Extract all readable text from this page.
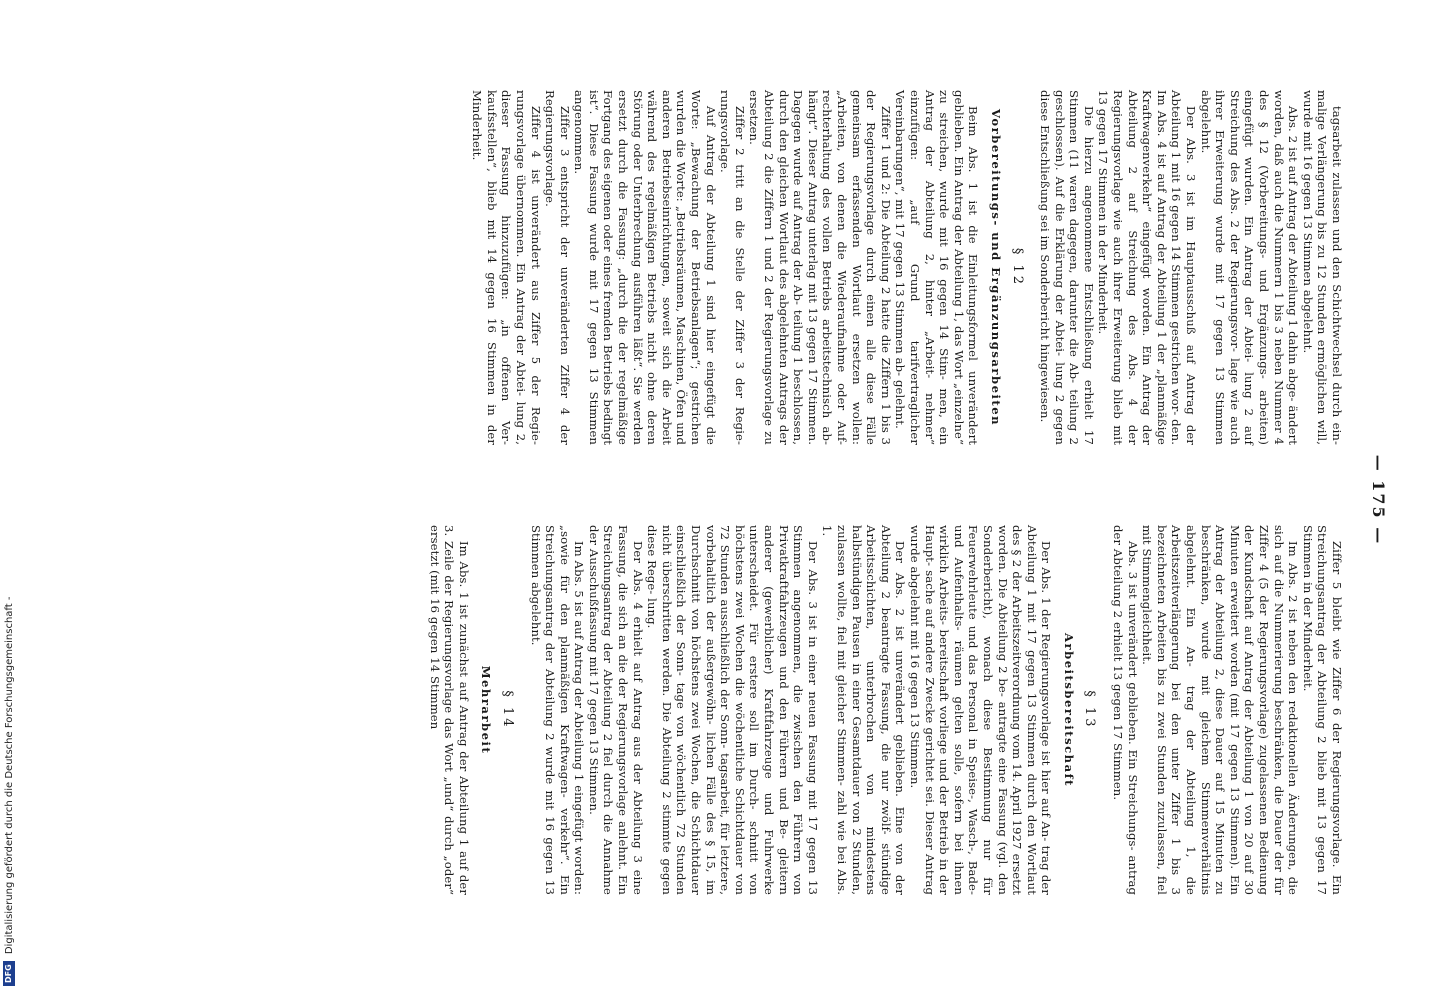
— 175 —

tagsarbeit zulassen und den Schichtwechsel durch ein- malige Verlängerung bis zu 12 Stunden ermöglichen will, wurde mit 16 gegen 13 Stimmen abgelehnt.

Abs. 2 ist auf Antrag der Abteilung 1 dahin abge- ändert worden, daß auch die Nummern 1 bis 3 neben Nummer 4 des § 12 (Vorbereitungs- und Ergänzungs- arbeiten) eingefügt wurden. Ein Antrag der Abtei- lung 2 auf Streichung des Abs. 2 der Regierungsvor- lage wie auch ihrer Erweiterung wurde mit 17 gegen 13 Stimmen abgelehnt.

Der Abs. 3 ist im Hauptausschuß auf Antrag der Abteilung 1 mit 16 gegen 14 Stimmen gestrichen wor- den. Im Abs. 4 ist auf Antrag der Abteilung 1 der „planmäßige Kraftwagenverkehr“ eingefügt worden. Ein Antrag der Abteilung 2 auf Streichung des Abs. 4 der Regierungsvorlage wie auch ihrer Erweiterung blieb mit 13 gegen 17 Stimmen in der Minderheit.

Die hierzu angenommene Entschließung erhielt 17 Stimmen (11 waren dagegen, darunter die Ab- teilung 2 geschlossen). Auf die Erklärung der Abtei- lung 2 gegen diese Entschließung sei im Sonderbericht hingewiesen.

§ 12

Vorbereitungs- und Ergänzungsarbeiten

Beim Abs. 1 ist die Einleitungsformel unverändert geblieben. Ein Antrag der Abteilung 1, das Wort „einzelne“ zu streichen, wurde mit 16 gegen 14 Stim- men, ein Antrag der Abteilung 2, hinter „Arbeit- nehmer“ einzufügen: „auf Grund tarifvertraglicher Vereinbarungen“, mit 17 gegen 13 Stimmen ab- gelehnt.

Ziffer 1 und 2: Die Abteilung 2 hatte die Ziffern 1 bis 3 der Regierungsvorlage durch einen alle diese Fälle gemeinsam erfassenden Wortlaut ersetzen wollen: „Arbeiten, von denen die Wiederaufnahme oder Auf- rechterhaltung des vollen Betriebs arbeitstechnisch ab- hängt“. Dieser Antrag unterlag mit 13 gegen 17 Stimmen. Dagegen wurde auf Antrag der Ab- teilung 1 beschlossen, durch den gleichen Wortlaut des abgelehnten Antrags der Abteilung 2 die Ziffern 1 und 2 der Regierungsvorlage zu ersetzen.

Ziffer 2 tritt an die Stelle der Ziffer 3 der Regie- rungsvorlage.

Auf Antrag der Abteilung 1 sind hier eingefügt die Worte: „Bewachung der Betriebsanlagen“; gestrichen wurden die Worte: „Betriebsräumen, Maschinen, Öfen und anderen Betriebseinrichtungen, soweit sich die Arbeit während des regelmäßigen Betriebs nicht ohne deren Störung oder Unterbrechung ausführen läßt“. Sie werden ersetzt durch die Fassung: „durch die der regelmäßige Fortgang des eigenen oder eines fremden Betriebs bedingt ist“. Diese Fassung wurde mit 17 gegen 13 Stimmen angenommen.

Ziffer 3 entspricht der unveränderten Ziffer 4 der Regierungsvorlage.

Ziffer 4 ist unverändert aus Ziffer 5 der Regie- rungsvorlage übernommen. Ein Antrag der Abtei- lung 2, dieser Fassung hinzuzufügen: „in offenen Ver- kaufsstellen“, blieb mit 14 gegen 16 Stimmen in der Minderheit.

Ziffer 5 bleibt wie Ziffer 6 der Regierungsvorlage. Ein Streichungsantrag der Abteilung 2 blieb mit 13 gegen 17 Stimmen in der Minderheit.

Im Abs. 2 ist neben den redaktionellen Änderungen, die sich auf die Nummerierung beschränken, die Dauer der für Ziffer 4 (5 der Regierungsvorlage) zugelassenen Bedienung der Kundschaft auf Antrag der Abteilung 1 von 20 auf 30 Minuten erweitert worden (mit 17 gegen 13 Stimmen). Ein Antrag der Abteilung 2, diese Dauer auf 15 Minuten zu beschränken, wurde mit gleichem Stimmenverhältnis abgelehnt. Ein An- trag der Abteilung 1, die Arbeitszeitverlängerung bei den unter Ziffer 1 bis 3 bezeichneten Arbeiten bis zu zwei Stunden zuzulassen, fiel mit Stimmengleichheit.

Abs. 3 ist unverändert geblieben. Ein Streichungs- antrag der Abteilung 2 erhielt 13 gegen 17 Stimmen.

§ 13

Arbeitsbereitschaft

Der Abs. 1 der Regierungsvorlage ist hier auf An- trag der Abteilung 1 mit 17 gegen 13 Stimmen durch den Wortlaut des § 2 der Arbeitszeitverordnung vom 14. April 1927 ersetzt worden. Die Abteilung 2 be- antragte eine Fassung (vgl. den Sonderbericht), wonach diese Bestimmung nur für Feuerwehrleute und das Personal in Speise-, Wasch-, Bade- und Aufenthalts- räumen gelten solle, sofern bei ihnen wirklich Arbeits- bereitschaft vorliege und der Betrieb in der Haupt- sache auf andere Zwecke gerichtet sei. Dieser Antrag wurde abgelehnt mit 16 gegen 13 Stimmen.

Der Abs. 2 ist unverändert geblieben. Eine von der Abteilung 2 beantragte Fassung, die nur zwölf- stündige Arbeitsschichten, unterbrochen von mindestens halbstündigen Pausen in einer Gesamtdauer von 2 Stunden, zulassen wollte, fiel mit gleicher Stimmen- zahl wie bei Abs. 1.

Der Abs. 3 ist in einer neuen Fassung mit 17 gegen 13 Stimmen angenommen, die zwischen den Führern von Privatkraftfahrzeugen und den Führern und Be- gleitern anderer (gewerblicher) Kraftfahrzeuge und Fuhrwerke unterscheidet. Für erstere soll im Durch- schnitt von höchstens zwei Wochen die wöchentliche Schichtdauer von 72 Stunden ausschließlich der Sonn- tagsarbeit, für letztere, vorbehaltlich der außergewöhn- lichen Fälle des § 15, im Durchschnitt von höchstens zwei Wochen, die Schichtdauer einschließlich der Sonn- tage von wöchentlich 72 Stunden nicht überschritten werden. Die Abteilung 2 stimmte gegen diese Rege- lung.

Der Abs. 4 erhielt auf Antrag aus der Abteilung 3 eine Fassung, die sich an die der Regierungsvorlage anlehnt. Ein Streichungsantrag der Abteilung 2 fiel durch die Annahme der Ausschußfassung mit 17 gegen 13 Stimmen.

Im Abs. 5 ist auf Antrag der Abteilung 1 eingefügt worden: „sowie für den planmäßigen Kraftwagen- verkehr“. Ein Streichungsantrag der Abteilung 2 wurde mit 16 gegen 13 Stimmen abgelehnt.

§ 14

Mehrarbeit

Im Abs. 1 ist zunächst auf Antrag der Abteilung 1 auf der 3. Zeile der Regierungsvorlage das Wort „und“ durch „oder“ ersetzt (mit 16 gegen 14 Stimmen

DFG Digitalisierung gefördert durch die Deutsche Forschungsgemeinschaft -
